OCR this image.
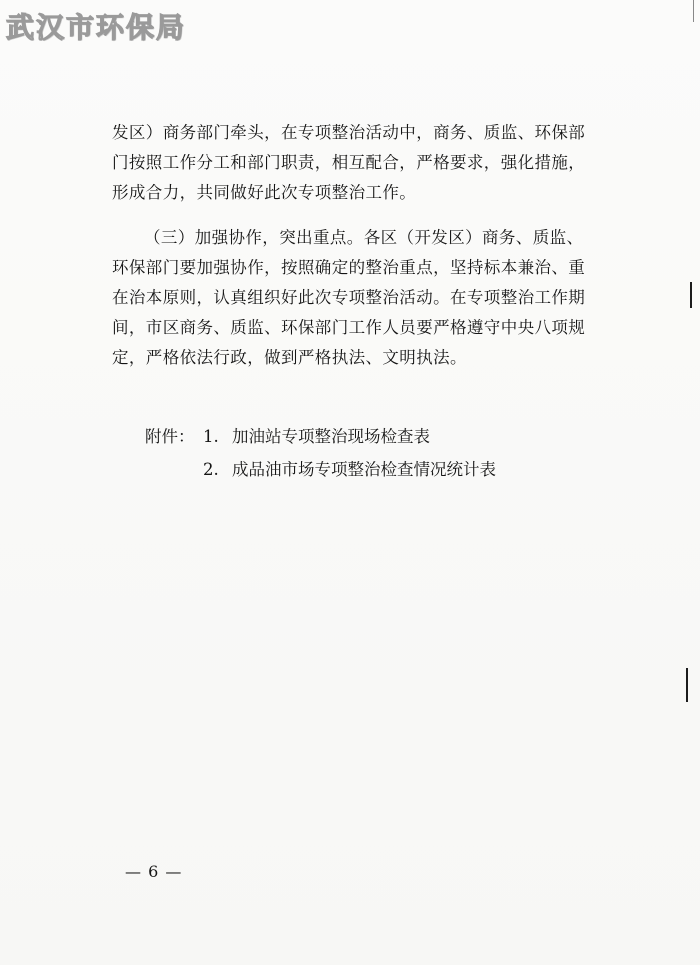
武汉市环保局
发区）商务部门牵头，在专项整治活动中，商务、质监、环保部
门按照工作分工和部门职责，相互配合，严格要求，强化措施，
形成合力，共同做好此次专项整治工作。
（三）加强协作，突出重点。各区（开发区）商务、质监、
环保部门要加强协作，按照确定的整治重点，坚持标本兼治、重
在治本原则，认真组织好此次专项整治活动。在专项整治工作期
间，市区商务、质监、环保部门工作人员要严格遵守中央八项规
定，严格依法行政，做到严格执法、文明执法。
附件： 1. 加油站专项整治现场检查表
2. 成品油市场专项整治检查情况统计表
— 6 —
